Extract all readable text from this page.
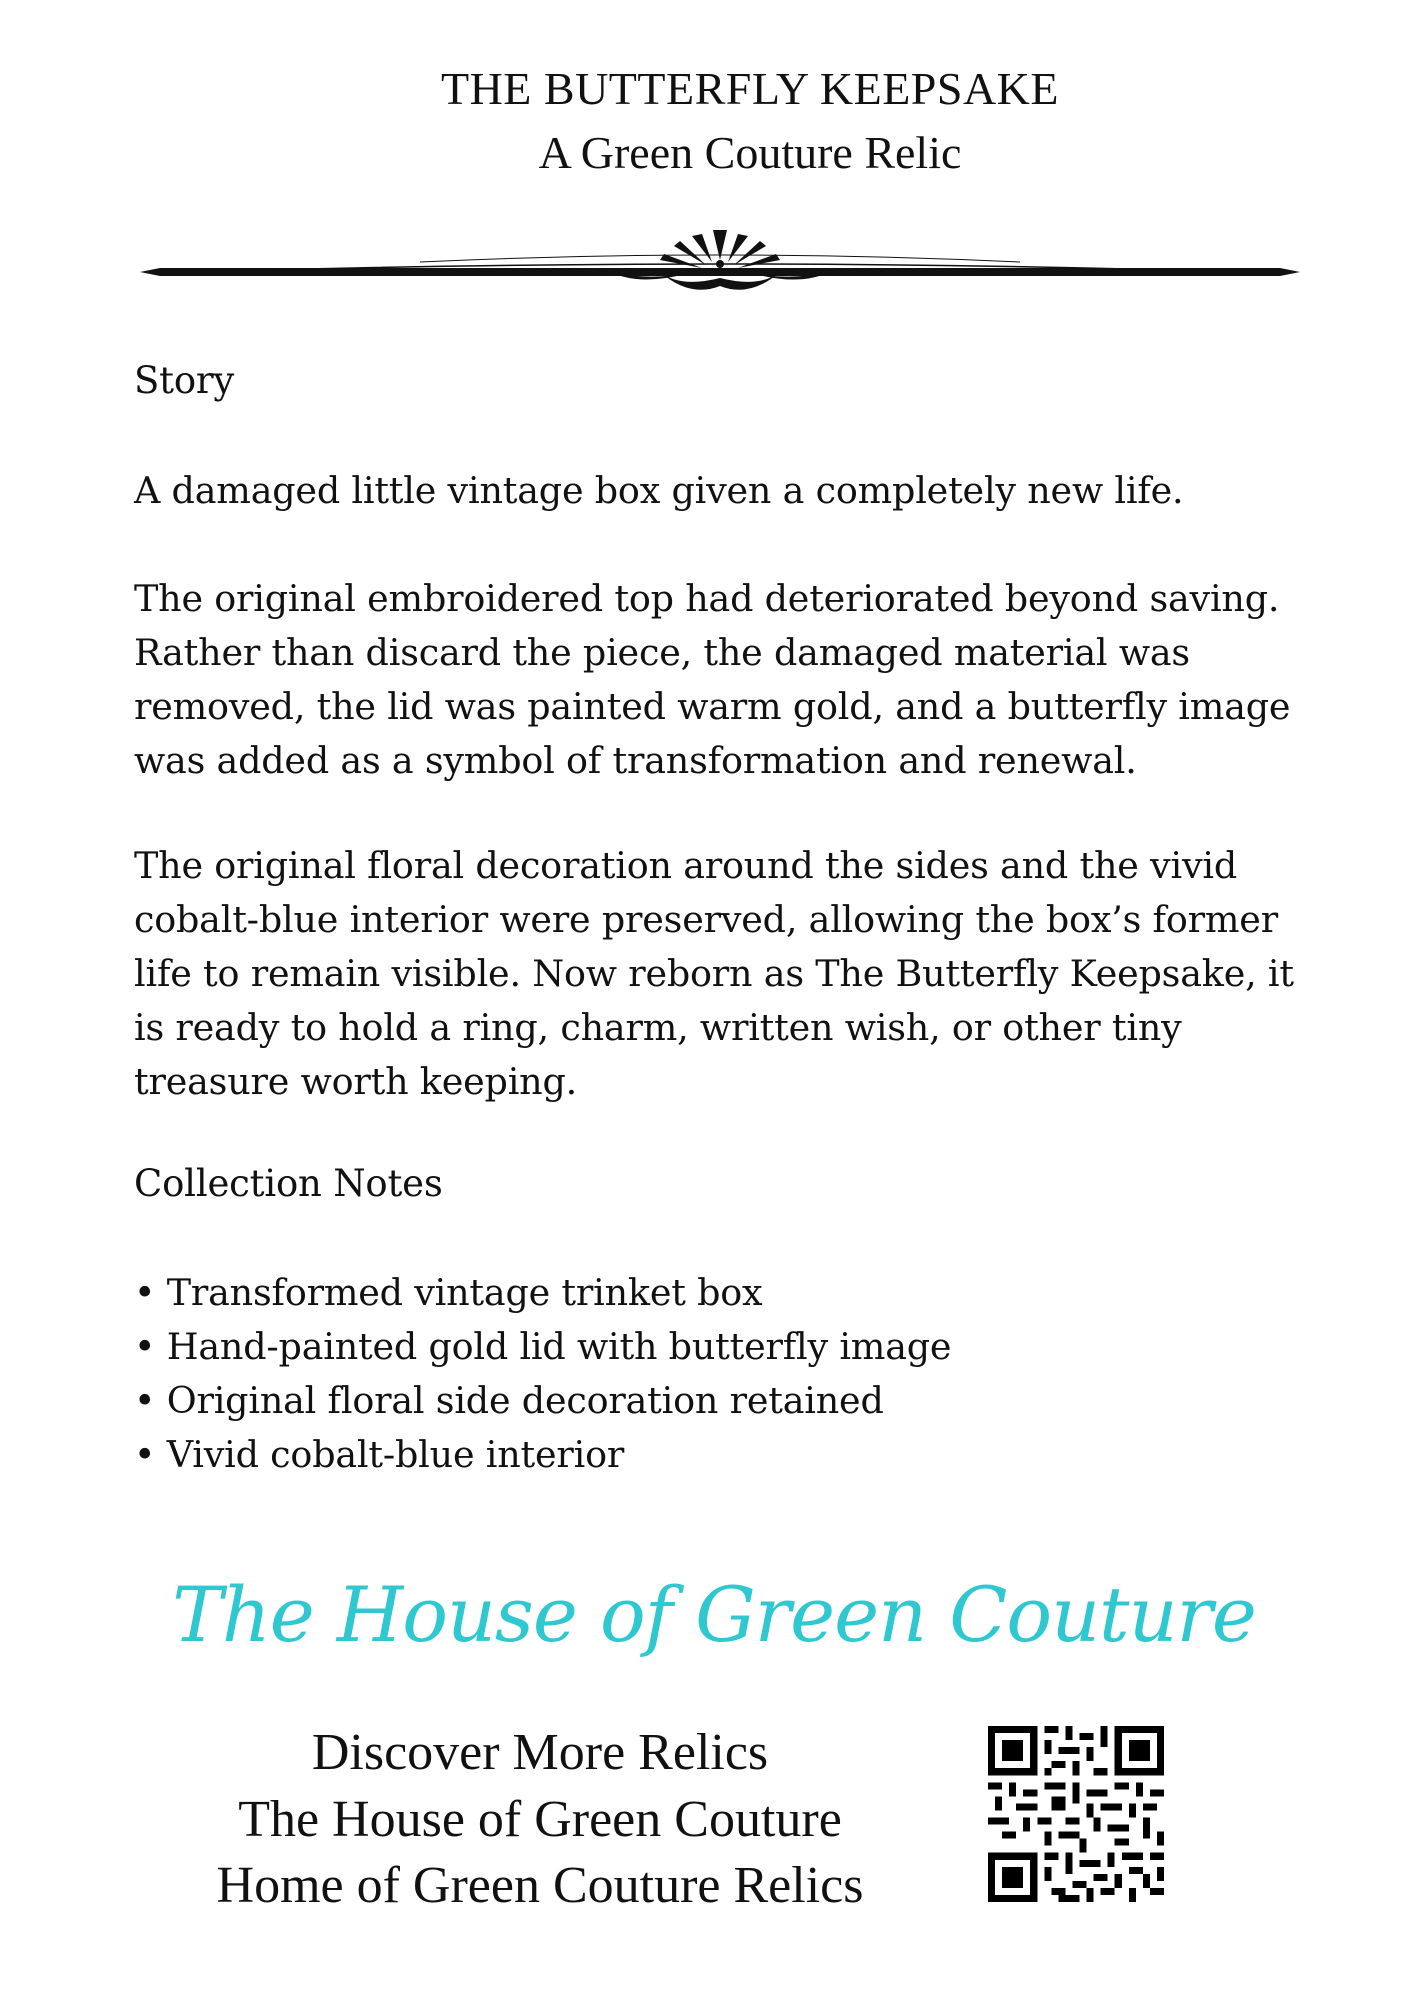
THE BUTTERFLY KEEPSAKE
A Green Couture Relic
Story
A damaged little vintage box given a completely new life.
The original embroidered top had deteriorated beyond saving. Rather than discard the piece, the damaged material was removed, the lid was painted warm gold, and a butterfly image was added as a symbol of transformation and renewal.
The original floral decoration around the sides and the vivid cobalt-blue interior were preserved, allowing the box’s former life to remain visible. Now reborn as The Butterfly Keepsake, it is ready to hold a ring, charm, written wish, or other tiny treasure worth keeping.
Collection Notes
• Transformed vintage trinket box
• Hand-painted gold lid with butterfly image
• Original floral side decoration retained
• Vivid cobalt-blue interior
The House of Green Couture
Discover More Relics
The House of Green Couture
Home of Green Couture Relics
